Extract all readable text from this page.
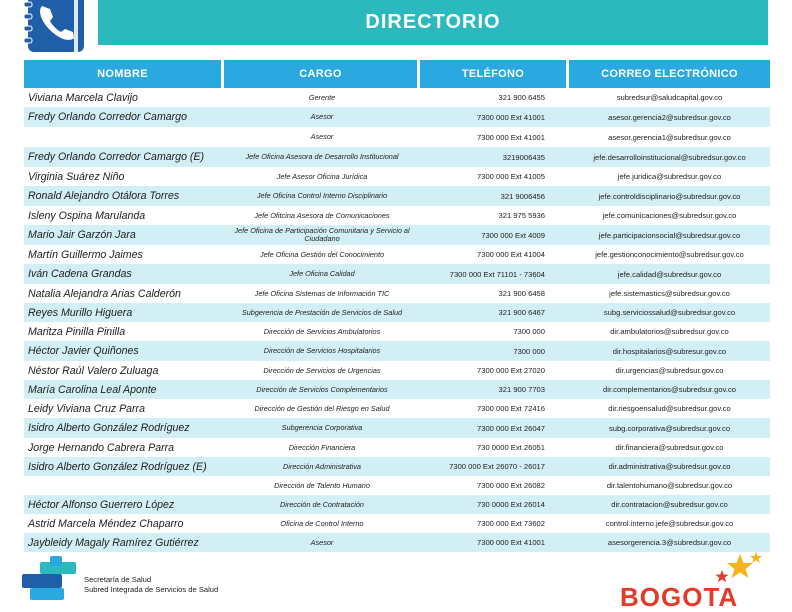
DIRECTORIO
NOMBRE	CARGO	TELÉFONO	CORREO ELECTRÓNICO
Viviana Marcela Clavijo	Gerente	321 900 6455	subredsur@saludcapital.gov.co
Fredy Orlando Corredor Camargo	Asesor	7300 000 Ext 41001	asesor.gerencia2@subredsur.gov.co
	Asesor	7300 000 Ext 41001	asesor.gerencia1@subredsur.gov.co
Fredy Orlando Corredor Camargo (E)	Jefe Oficina Asesora de Desarrollo Institucional	3219006435	jefe.desarrolloinstitucional@subredsur.gov.co
Virginia Suárez Niño	Jefe Asesor Oficina Jurídica	7300 000 Ext 41005	jefe.juridica@subredsur.gov.co
Ronald Alejandro Otálora Torres	Jefe Oficina Control Interno Disciplinario	321 9006456	jefe.controldisciplinario@subredsur.gov.co
Isleny Ospina Marulanda	Jefe Ofitcina Asesora de Comunicaciones	321 975 5936	jefe.comunicaciones@subredsur.gov.co
Mario Jair Garzón Jara	Jefe Oficina de Participación Comunitaria y Servicio al Ciudadano	7300 000 Ext 4009	jefe.participacionsocial@subredsur.gov.co
Martín Guillermo Jaimes	Jefe Oficina Gestión del Conocimiento	7300 000 Ext 41004	jefe.gestionconocimiento@subredsur.gov.co
Iván Cadena Grandas	Jefe Oficina Calidad	7300 000 Ext 71101 - 73604	jefe.calidad@subredsur.gov.co
Natalia Alejandra Arias Calderón	Jefe Oficina Sistemas de Información TIC	321 900 6458	jefe.sistemastics@subredsur.gov.co
Reyes Murillo Higuera	Subgerencia de Prestación de Servicios de Salud	321 900 6467	subg.serviciossalud@subredsur.gov.co
Maritza Pinilla Pinilla	Dirección de Servicios Ambulatorios	7300 000	dir.ambulatorios@subredsur.gov.co
Héctor Javier Quiñones	Dirección de Servicios Hospitalarios	7300 000	dir.hospitalarios@subresur.gov.co
Néstor Raúl Valero Zuluaga	Dirección de Servicios de Urgencias	7300 000 Ext 27020	dir.urgencias@subredsur.gov.co
María Carolina Leal Aponte	Dirección de Servicios Complementarios	321 900 7703	dir.complementarios@subredsur.gov.co
Leidy Viviana Cruz Parra	Dirección de Gestión del Riesgo en Salud	7300 000 Ext 72416	dir.riesgoensalud@subredsur.gov.co
Isidro Alberto González Rodríguez	Subgerencia Corporativa	7300 000 Ext 26047	subg.corporativa@subredsur.gov.co
Jorge Hernando Cabrera Parra	Dirección Financiera	730 0000 Ext 26051	dir.financiera@subredsur.gov.co
Isidro Alberto González Rodríguez (E)	Dirección Administrativa	7300 000 Ext 26070 - 26017	dir.administrativa@subredsur.gov.co
	Dirección de Talento Humano	7300 000 Ext 26082	dir.talentohumano@subredsur.gov.co
Héctor Alfonso Guerrero López	Dirección de Contratación	730 0000 Ext 26014	dir.contratacion@subredsur.gov.co
Astrid Marcela Méndez Chaparro	Oficina de Control Interno	7300 000 Ext 73602	control.interno.jefe@subredsur.gov.co
Jaybleidy Magaly Ramírez Gutiérrez	Asesor	7300 000 Ext 41001	asesorgerencia.3@subredsur.gov.co
Secretaría de Salud
Subred Integrada de Servicios de Salud	BOGOTA
